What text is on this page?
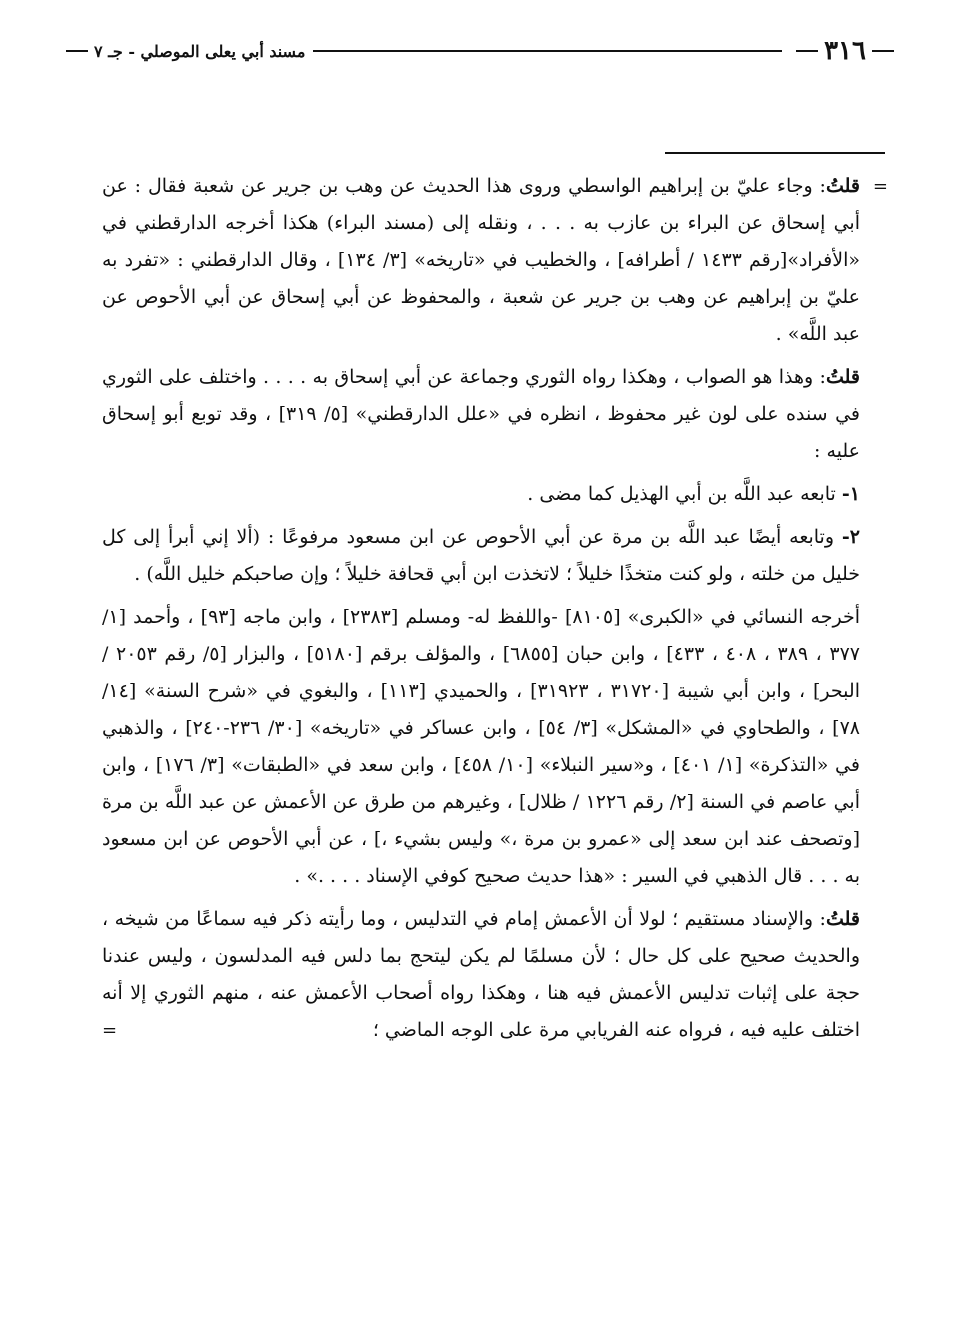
٣١٦
مسند أبي يعلى الموصلي - جـ ٧

=
قلتُ: وجاء عليّ بن إبراهيم الواسطي وروى هذا الحديث عن وهب بن جرير عن شعبة فقال : عن أبي إسحاق عن البراء بن عازب به . . . ، ونقله إلى (مسند البراء) هكذا أخرجه الدارقطني في «الأفراد»[رقم ١٤٣٣ / أطرافه] ، والخطيب في «تاريخه» [٣/ ١٣٤] ، وقال الدارقطني : «تفرد به عليّ بن إبراهيم عن وهب بن جرير عن شعبة ، والمحفوظ عن أبي إسحاق عن أبي الأحوص عن عبد اللَّه» .

قلتُ: وهذا هو الصواب ، وهكذا رواه الثوري وجماعة عن أبي إسحاق به . . . . واختلف على الثوري في سنده على لون غير محفوظ ، انظره في «علل الدارقطني» [٥/ ٣١٩] ، وقد توبع أبو إسحاق عليه :

١- تابعه عبد اللَّه بن أبي الهذيل كما مضى .

٢- وتابعه أيضًا عبد اللَّه بن مرة عن أبي الأحوص عن ابن مسعود مرفوعًا : (ألا إني أبرأ إلى كل خليل من خلته ، ولو كنت متخذًا خليلاً ؛ لاتخذت ابن أبي قحافة خليلاً ؛ وإن صاحبكم خليل اللَّه) .

أخرجه النسائي في «الكبرى» [٨١٠٥] -واللفظ له- ومسلم [٢٣٨٣] ، وابن ماجه [٩٣] ، وأحمد [١/ ٣٧٧ ، ٣٨٩ ، ٤٠٨ ، ٤٣٣] ، وابن حبان [٦٨٥٥] ، والمؤلف برقم [٥١٨٠] ، والبزار [٥/ رقم ٢٠٥٣ / البحر] ، وابن أبي شيبة [٣١٧٢٠ ، ٣١٩٢٣] ، والحميدي [١١٣] ، والبغوي في «شرح السنة» [١٤/ ٧٨] ، والطحاوي في «المشكل» [٣/ ٥٤] ، وابن عساكر في «تاريخه» [٣٠/ ٢٣٦-٢٤٠] ، والذهبي في «التذكرة» [١/ ٤٠١] ، و«سير النبلاء» [١٠/ ٤٥٨] ، وابن سعد في «الطبقات» [٣/ ١٧٦] ، وابن أبي عاصم في السنة [٢/ رقم ١٢٢٦ / ظلال] ، وغيرهم من طرق عن الأعمش عن عبد اللَّه بن مرة [وتصحف عند ابن سعد إلى «عمرو بن مرة ،» وليس بشيء ،] ، عن أبي الأحوص عن ابن مسعود به . . . قال الذهبي في السير : «هذا حديث صحيح كوفي الإسناد . . . .» .

قلتُ: والإسناد مستقيم ؛ لولا أن الأعمش إمام في التدليس ، وما رأيته ذكر فيه سماعًا من شيخه ، والحديث صحيح على كل حال ؛ لأن مسلمًا لم يكن ليتحج بما دلس فيه المدلسون ، وليس عندنا حجة على إثبات تدليس الأعمش فيه هنا ، وهكذا رواه أصحاب الأعمش عنه ، منهم الثوري إلا أنه اختلف عليه فيه ، فرواه عنه الفريابي مرة على الوجه الماضي ؛
=
